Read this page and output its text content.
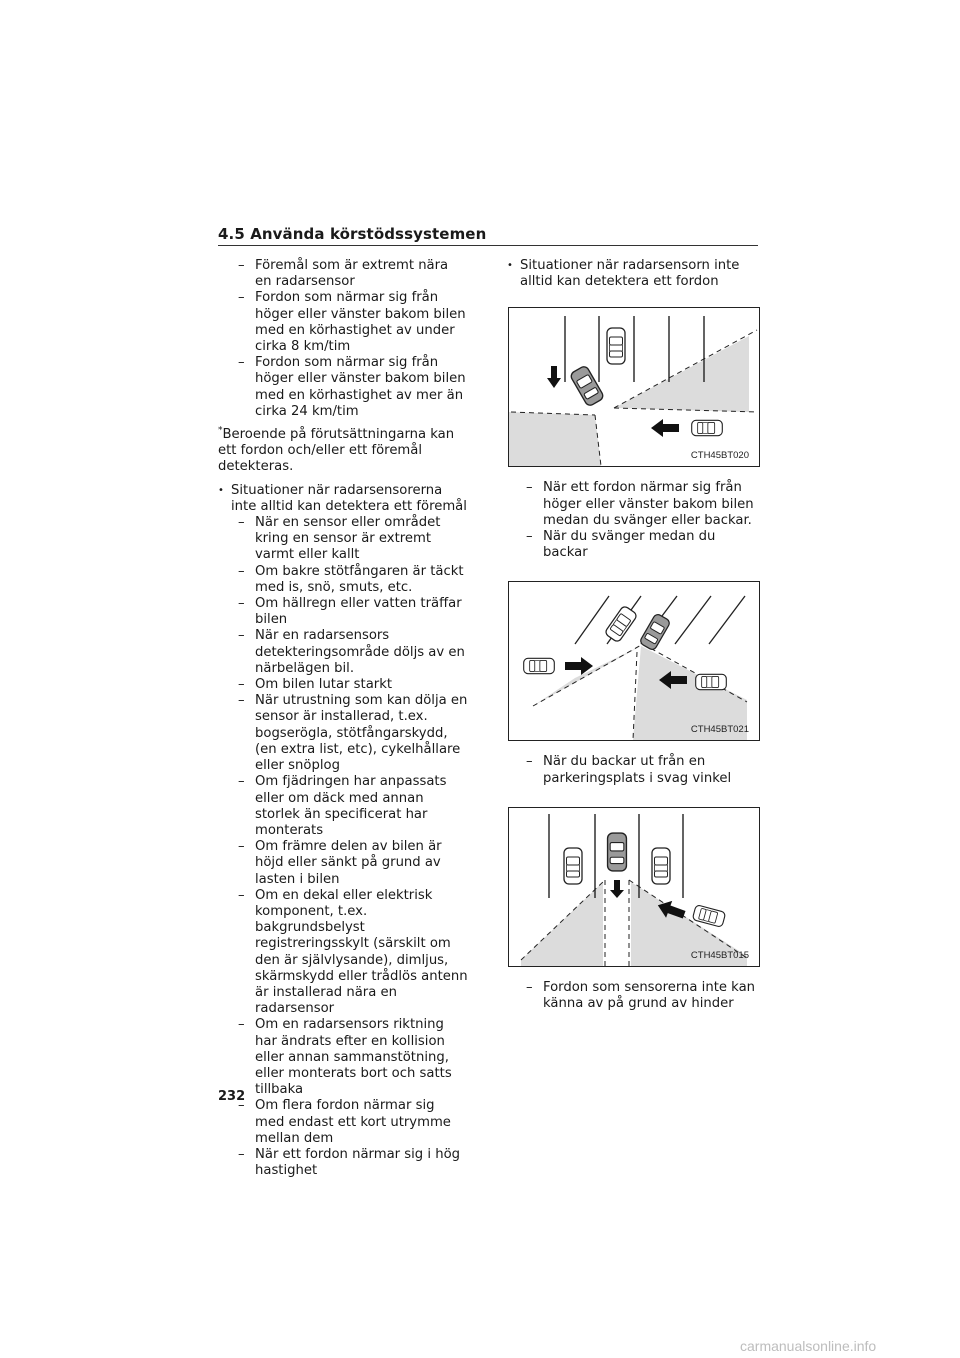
4.5 Använda körstödssystemen
– Föremål som är extremt nära en radarsensor
– Fordon som närmar sig från höger eller vänster bakom bilen med en körhastighet av under cirka 8 km/tim
– Fordon som närmar sig från höger eller vänster bakom bilen med en körhastighet av mer än cirka 24 km/tim
*Beroende på förutsättningarna kan ett fordon och/eller ett föremål detekteras.
• Situationer när radarsensorerna inte alltid kan detektera ett föremål
– När en sensor eller området kring en sensor är extremt varmt eller kallt
– Om bakre stötfångaren är täckt med is, snö, smuts, etc.
– Om hällregn eller vatten träffar bilen
– När en radarsensors detekteringsområde döljs av en närbelägen bil.
– Om bilen lutar starkt
– När utrustning som kan dölja en sensor är installerad, t.ex. bogserögla, stötfångarskydd, (en extra list, etc), cykelhållare eller snöplog
– Om fjädringen har anpassats eller om däck med annan storlek än specificerat har monterats
– Om främre delen av bilen är höjd eller sänkt på grund av lasten i bilen
– Om en dekal eller elektrisk komponent, t.ex. bakgrundsbelyst registreringsskylt (särskilt om den är självlysande), dimljus, skärmskydd eller trådlös antenn är installerad nära en radarsensor
– Om en radarsensors riktning har ändrats efter en kollision eller annan sammanstötning, eller monterats bort och satts tillbaka
– Om flera fordon närmar sig med endast ett kort utrymme mellan dem
– När ett fordon närmar sig i hög hastighet
• Situationer när radarsensorn inte alltid kan detektera ett fordon
CTH45BT020
– När ett fordon närmar sig från höger eller vänster bakom bilen medan du svänger eller backar.
– När du svänger medan du backar
CTH45BT021
– När du backar ut från en parkeringsplats i svag vinkel
CTH45BT015
– Fordon som sensorerna inte kan känna av på grund av hinder
232
carmanualsonline.info
